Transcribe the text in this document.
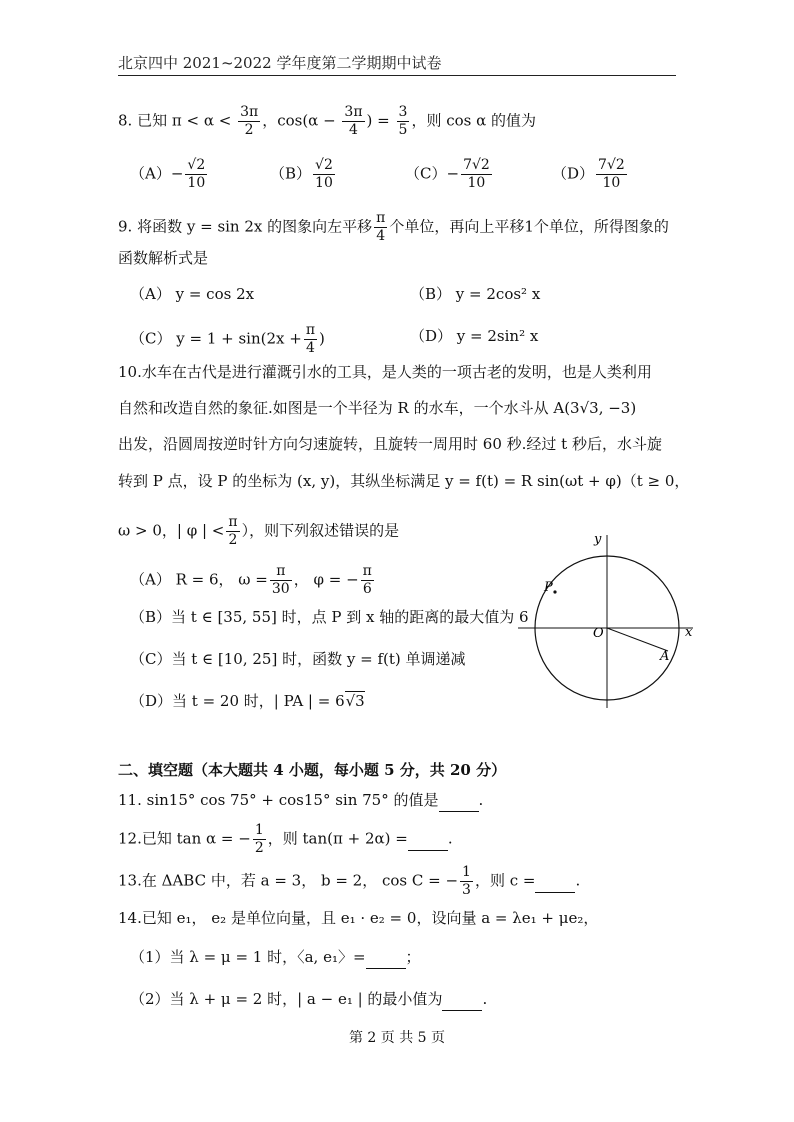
北京四中 2021~2022 学年度第二学期期中试卷
8. 已知 $\pi < \alpha < \frac{3\pi}{2}$ ，$\cos(\alpha - \frac{3\pi}{4}$ ) = $\frac{3}{5}$ ，则 cos α 的值为
$(A)- \frac{√2}{10}$	$(B) \frac{√2}{10}$	$(C)- \frac{7√2}{10}$	$(D) \frac{7√2}{10}$
9. 将函数 y = sin 2x 的图象向左平移 $\frac{\pi}{4}$ 个单位，再向上平移1个单位，所得图象的
函数解析式是
（A） y = cos 2x	（B） y = 2cos² x
（C） $y = 1 + \sin(2x + \frac{\pi}{4}$ )	（D） y = 2sin² x
10.水车在古代是进行灌溉引水的工具，是人类的一项古老的发明，也是人类利用
自然和改造自然的象征.如图是一个半径为 R 的水车，一个水斗从 A(3√3, −3)
出发，沿圆周按逆时针方向匀速旋转，且旋转一周用时 60 秒.经过 t 秒后，水斗旋
转到 P 点，设 P 的坐标为 (x, y)，其纵坐标满足 y = f(t) = R sin(ωt + φ)（t ≥ 0，
ω > 0，| φ | < $\frac{\pi}{2}$ ），则下列叙述错误的是
（A） R = 6， $\omega = \frac{\pi}{30}$ ， φ = − $\frac{\pi}{6}$
（B）当 t ∈ [35, 55] 时，点 P 到 x 轴的距离的最大值为 6
（C）当 t ∈ [10, 25] 时，函数 y = f(t) 单调递减
（D）当 t = 20 时，| PA | = 6√3
y
x
O
P
A
二、填空题（本大题共 4 小题，每小题 5 分，共 20 分）
11. sin15° cos 75° + cos15° sin 75° 的值是	.
12.已知 tan α = − $\frac{1}{2}$ ，则 tan(π + 2α) =	.
13.在 ΔABC 中，若 a = 3， b = 2， cos C = − $\frac{1}{3}$ ，则 c =	.
14.已知 e₁， e₂ 是单位向量，且 e₁ · e₂ = 0，设向量 a = λe₁ + μe₂，
（1）当 λ = μ = 1 时，〈a, e₁〉=	；
（2）当 λ + μ = 2 时，| a − e₁ | 的最小值为	.
第 2 页 共 5 页
